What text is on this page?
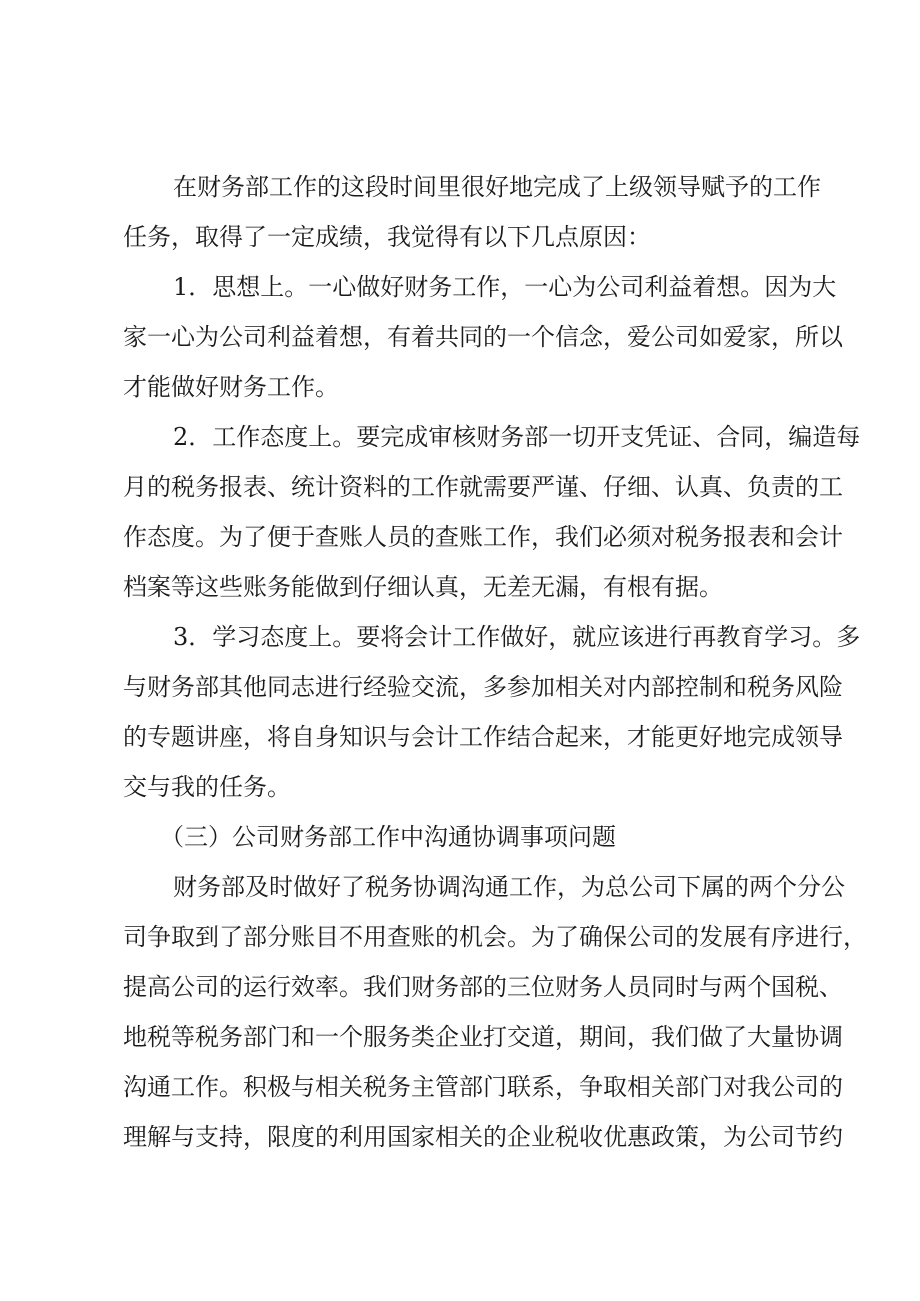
在财务部工作的这段时间里很好地完成了上级领导赋予的工作
任务，取得了一定成绩，我觉得有以下几点原因：
1．思想上。一心做好财务工作，一心为公司利益着想。因为大
家一心为公司利益着想，有着共同的一个信念，爱公司如爱家，所以
才能做好财务工作。
2．工作态度上。要完成审核财务部一切开支凭证、合同，编造每
月的税务报表、统计资料的工作就需要严谨、仔细、认真、负责的工
作态度。为了便于查账人员的查账工作，我们必须对税务报表和会计
档案等这些账务能做到仔细认真，无差无漏，有根有据。
3．学习态度上。要将会计工作做好，就应该进行再教育学习。多
与财务部其他同志进行经验交流，多参加相关对内部控制和税务风险
的专题讲座，将自身知识与会计工作结合起来，才能更好地完成领导
交与我的任务。
（三）公司财务部工作中沟通协调事项问题
财务部及时做好了税务协调沟通工作，为总公司下属的两个分公
司争取到了部分账目不用查账的机会。为了确保公司的发展有序进行，
提高公司的运行效率。我们财务部的三位财务人员同时与两个国税、
地税等税务部门和一个服务类企业打交道，期间，我们做了大量协调
沟通工作。积极与相关税务主管部门联系，争取相关部门对我公司的
理解与支持，限度的利用国家相关的企业税收优惠政策，为公司节约
